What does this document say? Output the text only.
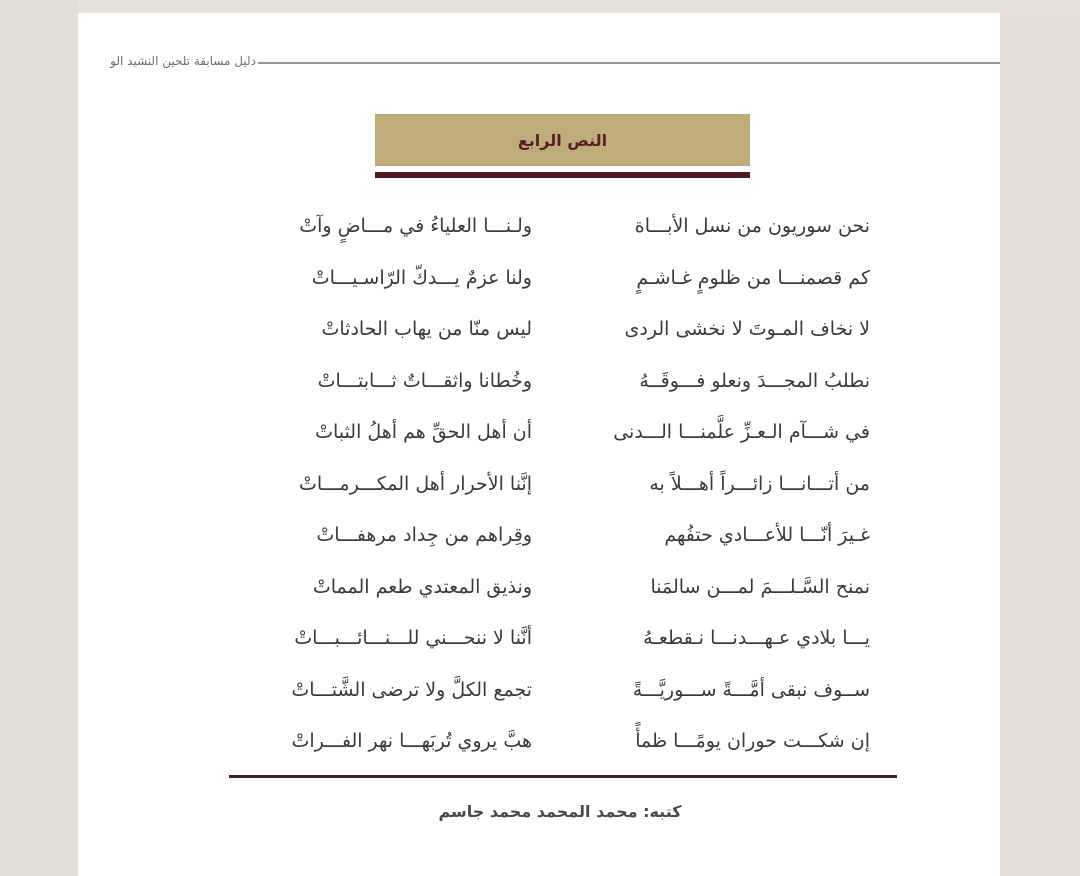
دليل مسابقة تلحين النشيد الو
النص الرابع
نحن سوريون من نسل الأبـــاة
كم قصمنـــا من ظلومٍ غـاشـمٍ
لا نخاف المـوتَ لا نخشى الردى
نطلبُ المجـــدَ ونعلو فـــوقَــهُ
في شـــآم الـعـزِّ علَّمنـــا الـــدنى
من أتـــانـــا زائـــراً أهـــلاً به
غـيرَ أنّـــا للأعـــادي حتفُهم
نمنح السَّـلـــمَ لمـــن سالمَنا
يـــا بلادي عـهـــدنـــا نـقطعـهُ
ســوف نبقى أمَّـــةً ســـوريَّـــةً
إن شكـــت حوران يومًـــا ظمأً
ولـنـــا العلياءُ في مـــاضٍ وآتْ
ولنا عزمٌ يـــدكّ الرّاسـيـــاتْ
ليس منّا من يهاب الحادثاتْ
وخُطانا واثقـــاتٌ ثـــابتـــاتْ
أن أهل الحقِّ هم أهلُ الثباتْ
إنَّنا الأحرار أهل المكـــرمـــاتْ
وقِراهم من جِداد مرهفـــاتْ
ونذيق المعتدي طعم المماتْ
أنَّنا لا ننحـــني للـــنـــائـــبـــاتْ
تجمع الكلَّ ولا ترضى الشَّتـــاتْ
هبَّ يروي تُربَهـــا نهر الفـــراتْ
كتبه: محمد المحمد محمد جاسم
